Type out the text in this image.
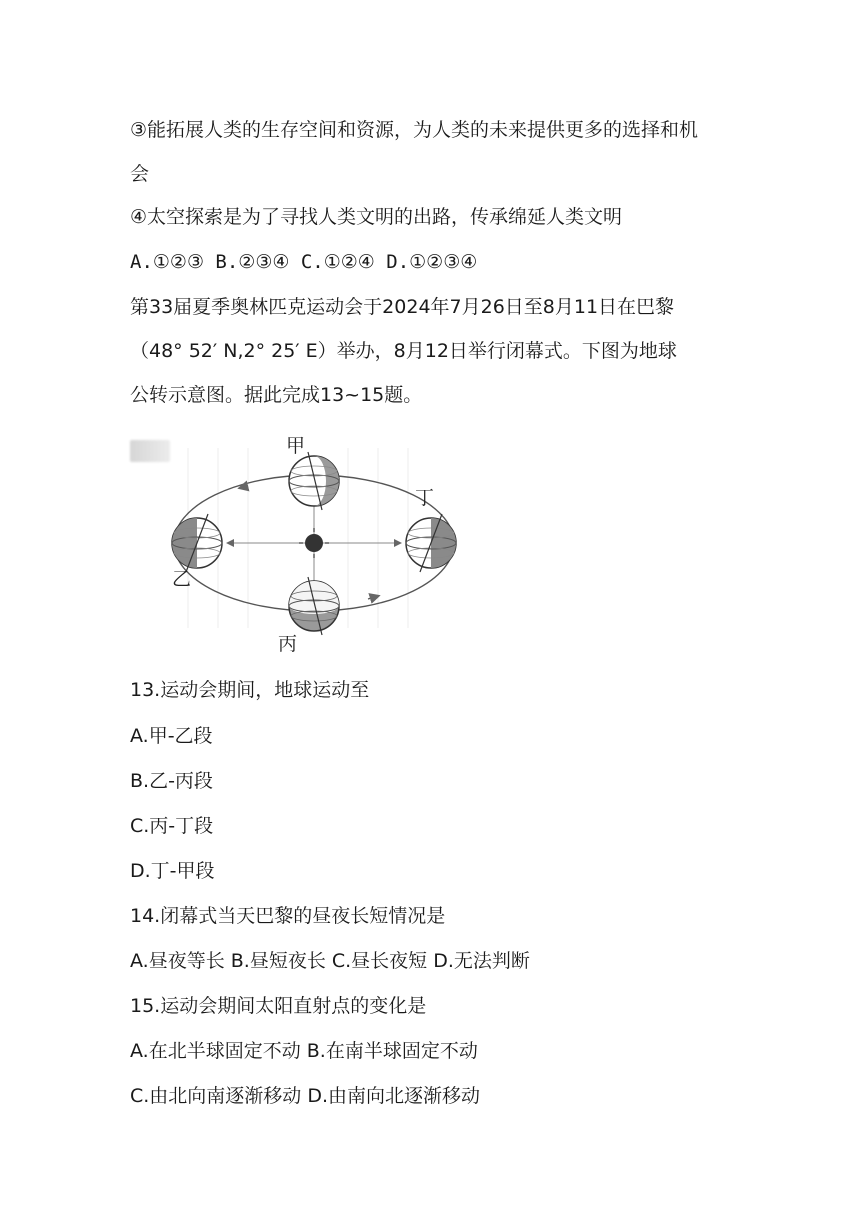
③能拓展人类的生存空间和资源，为人类的未来提供更多的选择和机
会
④太空探索是为了寻找人类文明的出路，传承绵延人类文明
A.①②③ B.②③④ C.①②④ D.①②③④
第33届夏季奥林匹克运动会于2024年7月26日至8月11日在巴黎
（48° 52′ N,2° 25′ E）举办，8月12日举行闭幕式。下图为地球
公转示意图。据此完成13~15题。
甲
乙
丙
丁
13.运动会期间，地球运动至
A.甲-乙段
B.乙-丙段
C.丙-丁段
D.丁-甲段
14.闭幕式当天巴黎的昼夜长短情况是
A.昼夜等长 B.昼短夜长 C.昼长夜短 D.无法判断
15.运动会期间太阳直射点的变化是
A.在北半球固定不动 B.在南半球固定不动
C.由北向南逐渐移动 D.由南向北逐渐移动
